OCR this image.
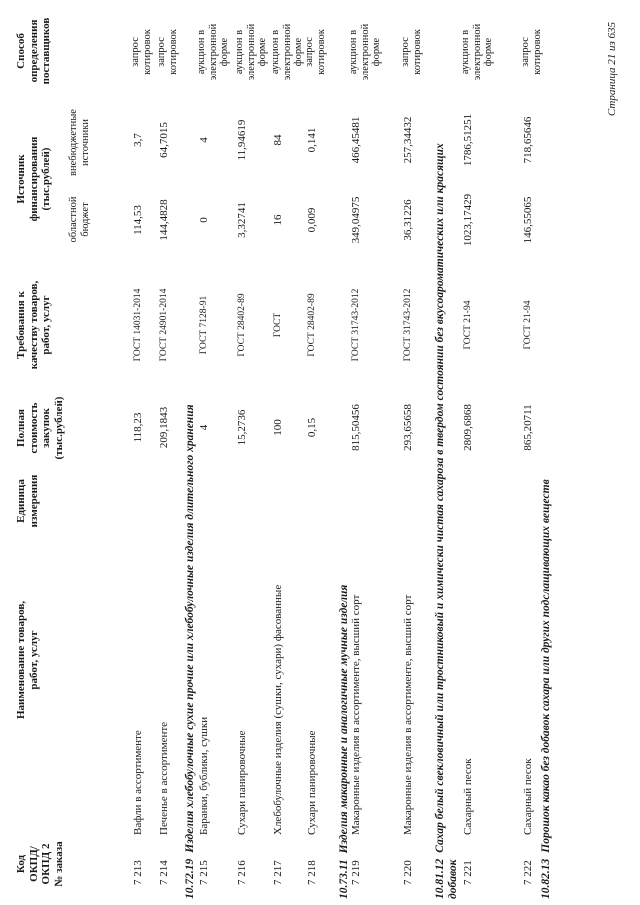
Код
ОКПД/
ОКПД 2
№ заказа
Наименование товаров,
работ, услуг
Единица
измерения
Полная
стоимость
закупок
(тыс.рублей)
Требования к
качеству товаров,
работ, услуг
Источник
финансирования
(тыс.рублей)
областной
бюджет
внебюджетные
источники
Способ
определения
поставщиков
7 213
Вафли в ассортименте
118,23
ГОСТ 14031-2014
114,53
3,7
запрос
котировок
7 214
Печенье в ассортименте
209,1843
ГОСТ 24901-2014
144,4828
64,7015
запрос
котировок
10.72.19Изделия хлебобулочные сухие прочие или хлебобулочные изделия длительного хранения
7 215
Баранки, бублики, сушки
4
ГОСТ 7128-91
0
4
аукцион в
электронной
форме
7 216
Сухари панировочные
15,2736
ГОСТ 28402-89
3,32741
11,94619
аукцион в
электронной
форме
7 217
Хлебобулочные изделия (сушки, сухари) фасованные
100
ГОСТ
16
84
аукцион в
электронной
форме
7 218
Сухари панировочные
0,15
ГОСТ 28402-89
0,009
0,141
запрос
котировок
10.73.11Изделия макаронные и аналогичные мучные изделия
7 219
Макаронные изделия в ассортименте, высший сорт
815,50456
ГОСТ 31743-2012
349,04975
466,45481
аукцион в
электронной
форме
7 220
Макаронные изделия в ассортименте, высший сорт
293,65658
ГОСТ 31743-2012
36,31226
257,34432
запрос
котировок
10.81.12Сахар белый свекловичный или тростниковый и химически чистая сахароза в твердом состоянии без вкусоароматических или красящих
добавок 7 221
Сахарный песок
2809,6868
ГОСТ 21-94
1023,17429
1786,51251
аукцион в
электронной
форме
7 222
Сахарный песок
865,20711
ГОСТ 21-94
146,55065
718,65646
запрос
котировок
10.82.13Порошок какао без добавок сахара или других подслащивающих веществ
Страница 21 из 635
